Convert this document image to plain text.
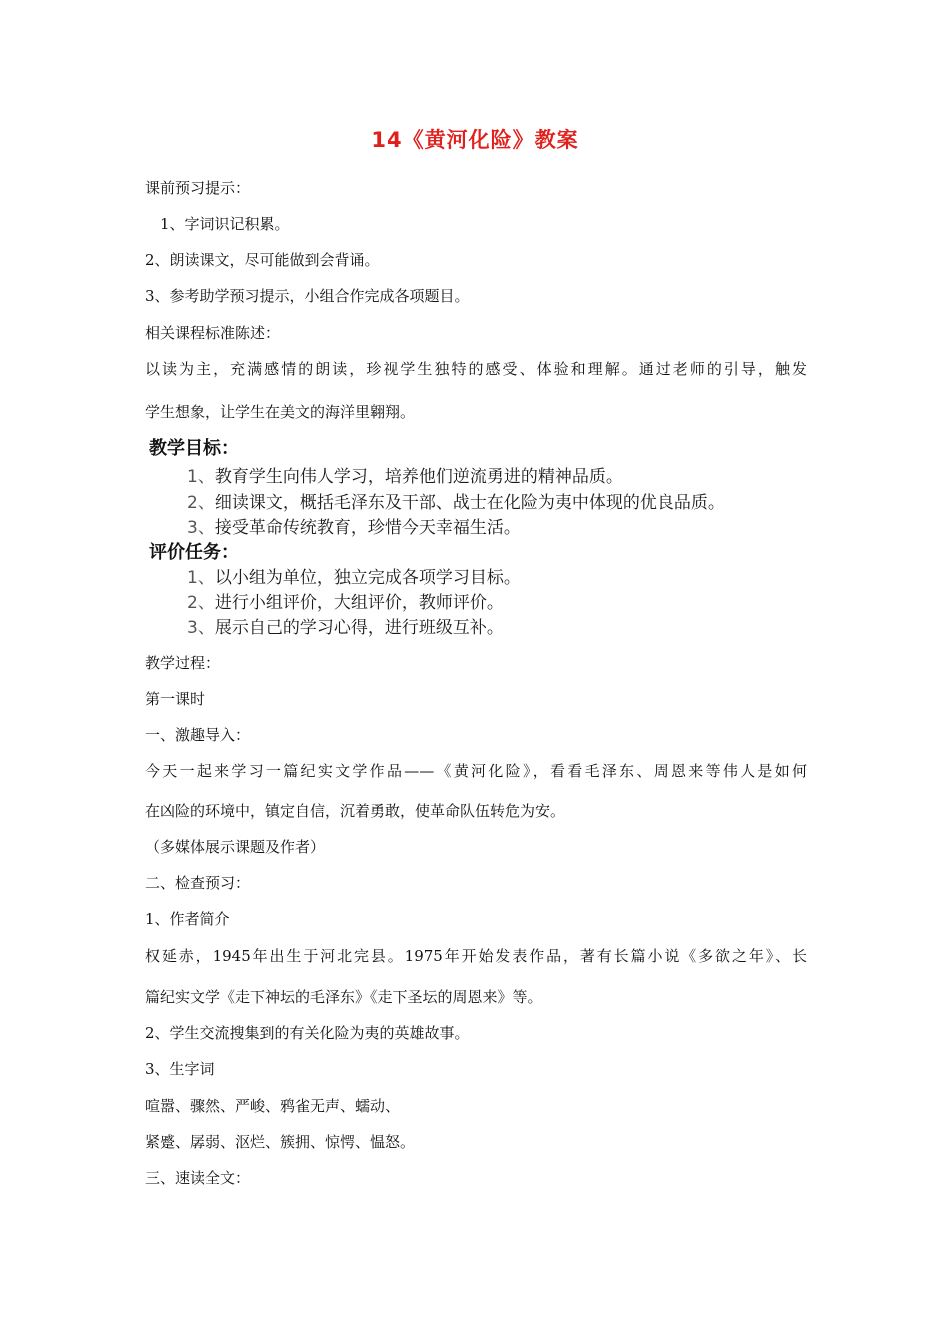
14《黄河化险》教案
课前预习提示：
1、字词识记积累。
2、朗读课文，尽可能做到会背诵。
3、参考助学预习提示，小组合作完成各项题目。
相关课程标准陈述：
以读为主，充满感情的朗读，珍视学生独特的感受、体验和理解。通过老师的引导，触发
学生想象，让学生在美文的海洋里翱翔。
教学目标：
1、教育学生向伟人学习，培养他们逆流勇进的精神品质。
2、细读课文，概括毛泽东及干部、战士在化险为夷中体现的优良品质。
3、接受革命传统教育，珍惜今天幸福生活。
评价任务：
1、以小组为单位，独立完成各项学习目标。
2、进行小组评价，大组评价，教师评价。
3、展示自己的学习心得，进行班级互补。
教学过程：
第一课时
一、激趣导入：
今天一起来学习一篇纪实文学作品——《黄河化险》，看看毛泽东、周恩来等伟人是如何
在凶险的环境中，镇定自信，沉着勇敢，使革命队伍转危为安。
（多媒体展示课题及作者）
二、检查预习：
1、作者简介
权延赤，1945年出生于河北完县。1975年开始发表作品，著有长篇小说《多欲之年》、长
篇纪实文学《走下神坛的毛泽东》《走下圣坛的周恩来》等。
2、学生交流搜集到的有关化险为夷的英雄故事。
3、生字词
喧嚣、骤然、严峻、鸦雀无声、蠕动、
紧蹙、孱弱、沤烂、簇拥、惊愕、愠怒。
三、速读全文：
